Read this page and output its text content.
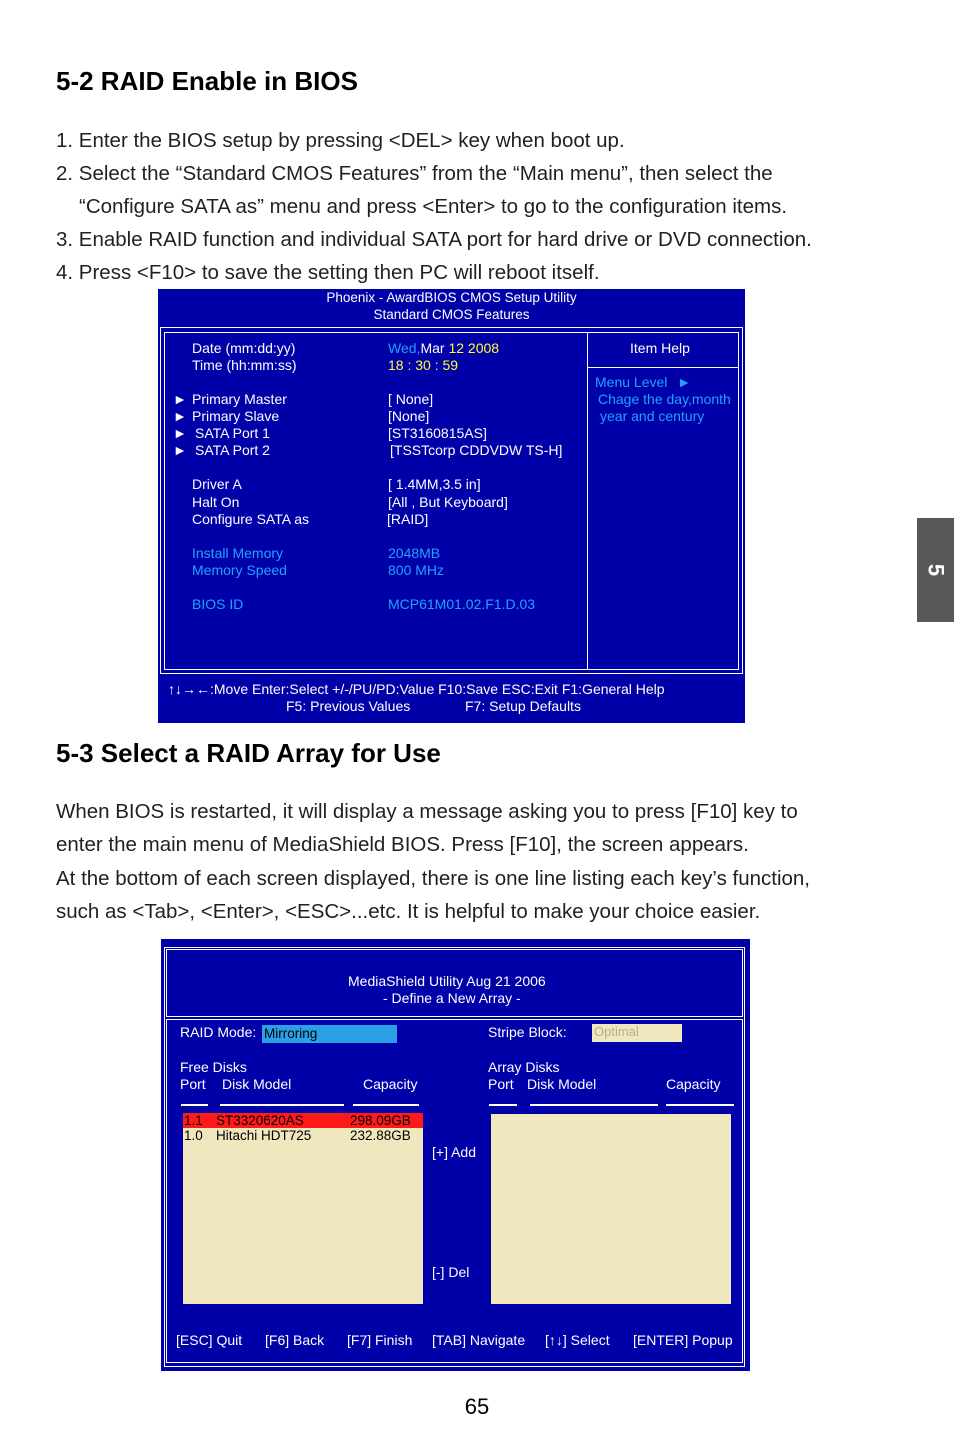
5-2 RAID Enable in BIOS
1. Enter the BIOS setup by pressing <DEL> key when boot up.
2. Select the “Standard CMOS Features” from the “Main menu”, then select the
“Configure SATA as” menu and press <Enter> to go to the configuration items.
3. Enable RAID function and individual SATA port for hard drive or DVD connection.
4. Press <F10> to save the setting then PC will reboot itself.
Phoenix - AwardBIOS CMOS Setup Utility
Standard CMOS Features
Date (mm:dd:yy)	Wed,Mar 12 2008
Time (hh:mm:ss)	18 : 30 : 59
► Primary Master	[ None]
► Primary Slave	[None]
► SATA Port 1	[ST3160815AS]
► SATA Port 2	[TSSTcorp CDDVDW TS-H]
Driver A	[ 1.4MM,3.5 in]
Halt On	[All , But Keyboard]
Configure SATA as	[RAID]
Install Memory	2048MB
Memory Speed	800 MHz
BIOS ID	MCP61M01.02.F1.D.03
Item Help
Menu Level ►
Chage the day,month
year and century
↑↓→←:Move Enter:Select +/-/PU/PD:Value F10:Save ESC:Exit F1:General Help
F5: Previous Values	F7: Setup Defaults
5-3 Select a RAID Array for Use
When BIOS is restarted, it will display a message asking you to press [F10] key to
enter the main menu of MediaShield BIOS. Press [F10], the screen appears.
At the bottom of each screen displayed, there is one line listing each key’s function,
such as <Tab>, <Enter>, <ESC>...etc. It is helpful to make your choice easier.
MediaShield Utility Aug 21 2006
- Define a New Array -
RAID Mode: Mirroring	Stripe Block: Optimal
Free Disks
Port Disk Model	Capacity
Array Disks
Port Disk Model	Capacity
1.1 ST3320620AS	298.09GB
1.0 Hitachi HDT725	232.88GB
[+] Add
[-] Del
[ESC] Quit [F6] Back [F7] Finish [TAB] Navigate [↑↓] Select [ENTER] Popup
5
65
